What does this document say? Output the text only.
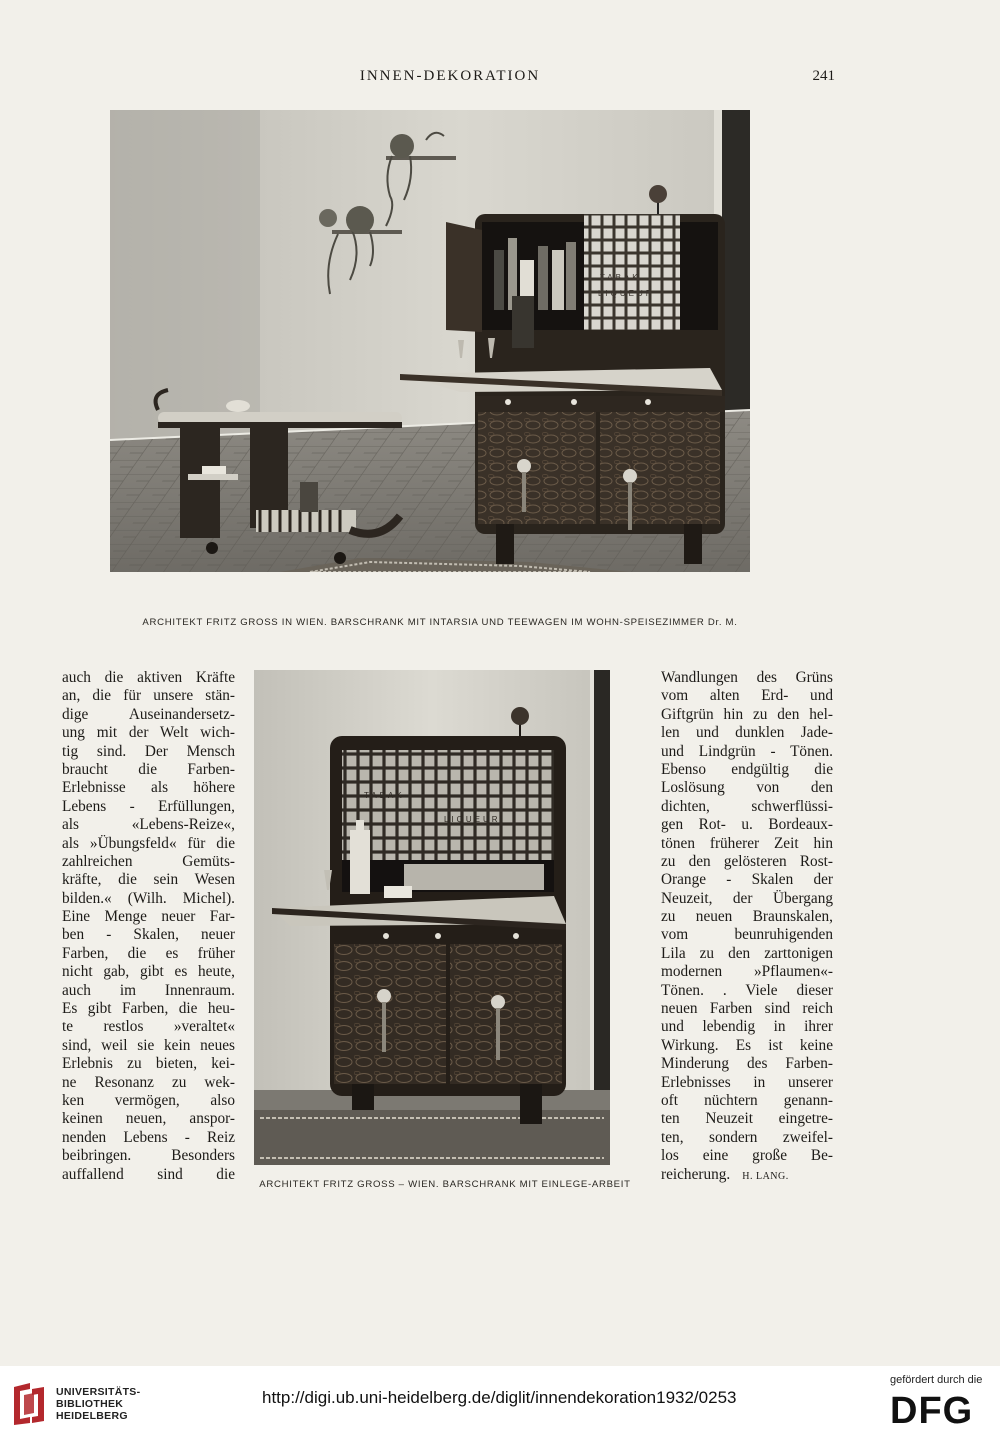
INNEN-DEKORATION	241
TABAK
LIQUEUR
ARCHITEKT FRITZ GROSS IN WIEN. BARSCHRANK MIT INTARSIA UND TEEWAGEN IM WOHN-SPEISEZIMMER Dr. M.
auch die aktiven Kräfte
an, die für unsere stän-
dige Auseinandersetz-
ung mit der Welt wich-
tig sind. Der Mensch
braucht die Farben-
Erlebnisse als höhere
Lebens - Erfüllungen,
als «Lebens-Reize«,
als »Übungsfeld« für die
zahlreichen Gemüts-
kräfte, die sein Wesen
bilden.« (Wilh. Michel).
Eine Menge neuer Far-
ben - Skalen, neuer
Farben, die es früher
nicht gab, gibt es heute,
auch im Innenraum.
Es gibt Farben, die heu-
te restlos »veraltet«
sind, weil sie kein neues
Erlebnis zu bieten, kei-
ne Resonanz zu wek-
ken vermögen, also
keinen neuen, anspor-
nenden Lebens - Reiz
beibringen. Besonders
auffallend sind die
TABAK
LIQUEUR
ARCHITEKT FRITZ GROSS – WIEN. BARSCHRANK MIT EINLEGE-ARBEIT
Wandlungen des Grüns
vom alten Erd- und
Giftgrün hin zu den hel-
len und dunklen Jade-
und Lindgrün - Tönen.
Ebenso endgültig die
Loslösung von den
dichten, schwerflüssi-
gen Rot- u. Bordeaux-
tönen früherer Zeit hin
zu den gelösteren Rost-
Orange - Skalen der
Neuzeit, der Übergang
zu neuen Braunskalen,
vom beunruhigenden
Lila zu den zarttonigen
modernen »Pflaumen«-
Tönen. . Viele dieser
neuen Farben sind reich
und lebendig in ihrer
Wirkung. Es ist keine
Minderung des Farben-
Erlebnisses in unserer
oft nüchtern genann-
ten Neuzeit eingetre-
ten, sondern zweifel-
los eine große Be-
reicherung. H. LANG.
UNIVERSITÄTS-
BIBLIOTHEK
HEIDELBERG
http://digi.ub.uni-heidelberg.de/diglit/innendekoration1932/0253
gefördert durch die
DFG
